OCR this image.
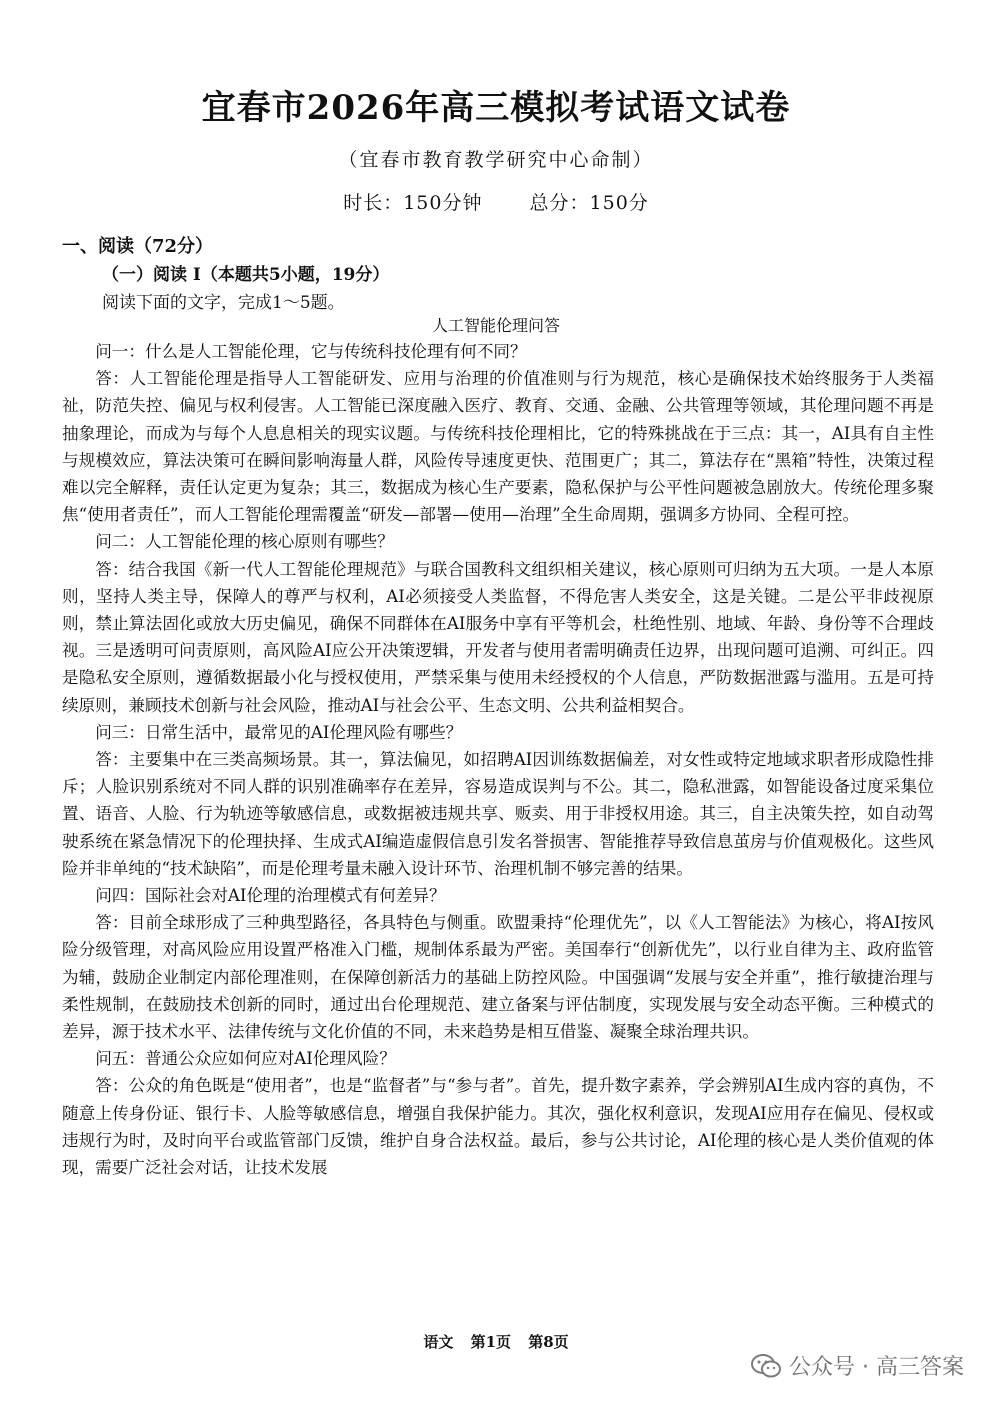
宜春市2026年高三模拟考试语文试卷
（宜春市教育教学研究中心命制）
时长：150分钟 总分：150分
一、阅读（72分）
（一）阅读 Ⅰ（本题共5小题，19分）
阅读下面的文字，完成1～5题。
人工智能伦理问答

问一：什么是人工智能伦理，它与传统科技伦理有何不同？

答：人工智能伦理是指导人工智能研发、应用与治理的价值准则与行为规范，核心是确保技术始终服务于人类福祉，防范失控、偏见与权利侵害。人工智能已深度融入医疗、教育、交通、金融、公共管理等领域，其伦理问题不再是抽象理论，而成为与每个人息息相关的现实议题。与传统科技伦理相比，它的特殊挑战在于三点：其一，AI具有自主性与规模效应，算法决策可在瞬间影响海量人群，风险传导速度更快、范围更广；其二，算法存在“黑箱”特性，决策过程难以完全解释，责任认定更为复杂；其三，数据成为核心生产要素，隐私保护与公平性问题被急剧放大。传统伦理多聚焦“使用者责任”，而人工智能伦理需覆盖“研发—部署—使用—治理”全生命周期，强调多方协同、全程可控。

问二：人工智能伦理的核心原则有哪些？

答：结合我国《新一代人工智能伦理规范》与联合国教科文组织相关建议，核心原则可归纳为五大项。一是人本原则，坚持人类主导，保障人的尊严与权利，AI必须接受人类监督，不得危害人类安全，这是关键。二是公平非歧视原则，禁止算法固化或放大历史偏见，确保不同群体在AI服务中享有平等机会，杜绝性别、地域、年龄、身份等不合理歧视。三是透明可问责原则，高风险AI应公开决策逻辑，开发者与使用者需明确责任边界，出现问题可追溯、可纠正。四是隐私安全原则，遵循数据最小化与授权使用，严禁采集与使用未经授权的个人信息，严防数据泄露与滥用。五是可持续原则，兼顾技术创新与社会风险，推动AI与社会公平、生态文明、公共利益相契合。

问三：日常生活中，最常见的AI伦理风险有哪些？

答：主要集中在三类高频场景。其一，算法偏见，如招聘AI因训练数据偏差，对女性或特定地域求职者形成隐性排斥；人脸识别系统对不同人群的识别准确率存在差异，容易造成误判与不公。其二，隐私泄露，如智能设备过度采集位置、语音、人脸、行为轨迹等敏感信息，或数据被违规共享、贩卖、用于非授权用途。其三，自主决策失控，如自动驾驶系统在紧急情况下的伦理抉择、生成式AI编造虚假信息引发名誉损害、智能推荐导致信息茧房与价值观极化。这些风险并非单纯的“技术缺陷”，而是伦理考量未融入设计环节、治理机制不够完善的结果。

问四：国际社会对AI伦理的治理模式有何差异？

答：目前全球形成了三种典型路径，各具特色与侧重。欧盟秉持“伦理优先”，以《人工智能法》为核心，将AI按风险分级管理，对高风险应用设置严格准入门槛，规制体系最为严密。美国奉行“创新优先”，以行业自律为主、政府监管为辅，鼓励企业制定内部伦理准则，在保障创新活力的基础上防控风险。中国强调“发展与安全并重”，推行敏捷治理与柔性规制，在鼓励技术创新的同时，通过出台伦理规范、建立备案与评估制度，实现发展与安全动态平衡。三种模式的差异，源于技术水平、法律传统与文化价值的不同，未来趋势是相互借鉴、凝聚全球治理共识。

问五：普通公众应如何应对AI伦理风险？

答：公众的角色既是“使用者”，也是“监督者”与“参与者”。首先，提升数字素养，学会辨别AI生成内容的真伪，不随意上传身份证、银行卡、人脸等敏感信息，增强自我保护能力。其次，强化权利意识，发现AI应用存在偏见、侵权或违规行为时，及时向平台或监管部门反馈，维护自身合法权益。最后，参与公共讨论，AI伦理的核心是人类价值观的体现，需要广泛社会对话，让技术发展

语文 第1页 第8页
公众号 · 高三答案
